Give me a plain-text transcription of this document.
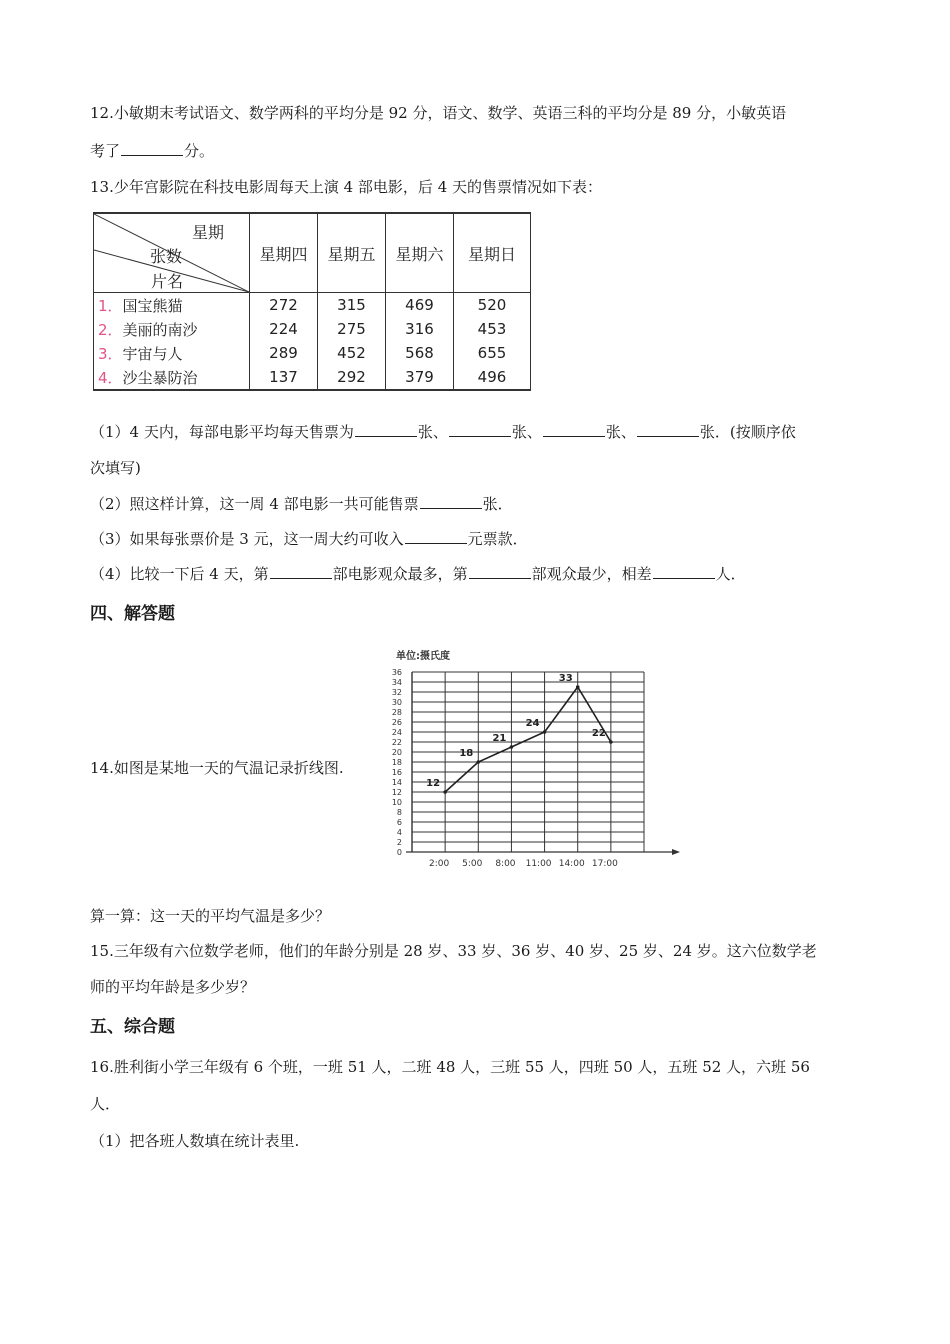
12.小敏期末考试语文、数学两科的平均分是 92 分，语文、数学、英语三科的平均分是 89 分，小敏英语
考了	分。
13.少年宫影院在科技电影周每天上演 4 部电影，后 4 天的售票情况如下表：
星期
张数
片名	星期四	星期五	星期六	星期日
1．国宝熊猫	272	315	469	520
2．美丽的南沙	224	275	316	453
3．宇宙与人	289	452	568	655
4．沙尘暴防治	137	292	379	496
（1）4 天内，每部电影平均每天售票为	张、	张、	张、	张．(按顺序依
次填写)
（2）照这样计算，这一周 4 部电影一共可能售票	张．
（3）如果每张票价是 3 元，这一周大约可收入	元票款．
（4）比较一下后 4 天，第	部电影观众最多，第	部观众最少，相差	人．
四、解答题
14.如图是某地一天的气温记录折线图.
单位:摄氏度
0
2
4
6
8
10
12
14
16
18
20
22
24
26
28
30
32
34
36
2:00 5:00 8:00 11:00 14:00 17:00
12
18
21
24
33
22
算一算：这一天的平均气温是多少？
15.三年级有六位数学老师，他们的年龄分别是 28 岁、33 岁、36 岁、40 岁、25 岁、24 岁。这六位数学老
师的平均年龄是多少岁？
五、综合题
16.胜利街小学三年级有 6 个班，一班 51 人，二班 48 人，三班 55 人，四班 50 人，五班 52 人，六班 56
人．
（1）把各班人数填在统计表里.
